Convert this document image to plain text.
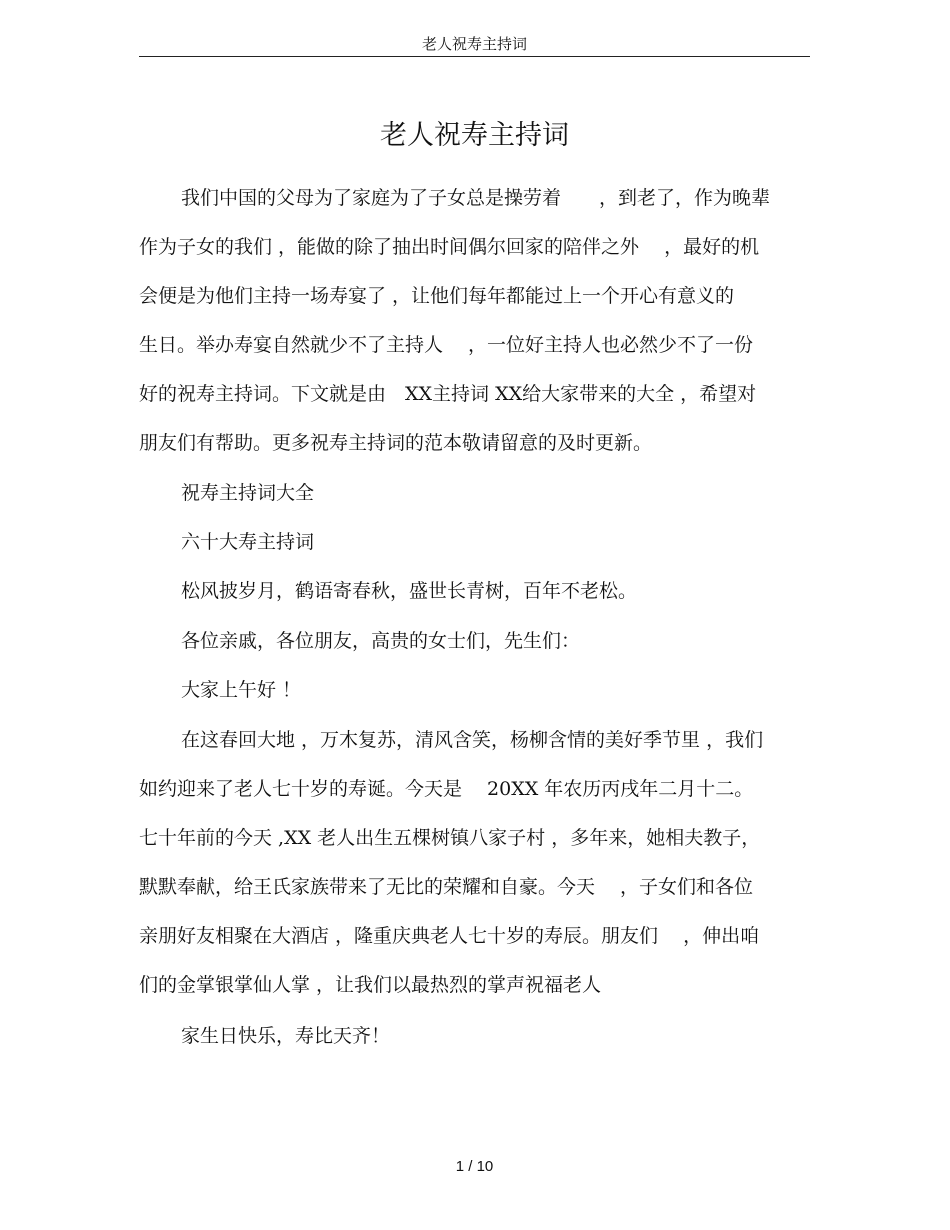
老人祝寿主持词
老人祝寿主持词

我们中国的父母为了家庭为了子女总是操劳着　　，到老了，作为晚辈
作为子女的我们 ，能做的除了抽出时间偶尔回家的陪伴之外　 ，最好的机
会便是为他们主持一场寿宴了 ，让他们每年都能过上一个开心有意义的
生日。举办寿宴自然就少不了主持人　 ，一位好主持人也必然少不了一份
好的祝寿主持词。下文就是由　XX主持词 XX给大家带来的大全 ，希望对
朋友们有帮助。更多祝寿主持词的范本敬请留意的及时更新。

祝寿主持词大全

六十大寿主持词

松风披岁月，鹤语寄春秋，盛世长青树，百年不老松。

各位亲戚，各位朋友，高贵的女士们，先生们：

大家上午好 ！

在这春回大地 ，万木复苏，清风含笑，杨柳含情的美好季节里 ，我们
如约迎来了老人七十岁的寿诞。今天是　 20XX 年农历丙戌年二月十二。
七十年前的今天 ,XX 老人出生五棵树镇八家子村 ，多年来，她相夫教子，
默默奉献，给王氏家族带来了无比的荣耀和自豪。今天　 ，子女们和各位
亲朋好友相聚在大酒店 ，隆重庆典老人七十岁的寿辰。朋友们　 ，伸出咱
们的金掌银掌仙人掌 ，让我们以最热烈的掌声祝福老人

家生日快乐，寿比天齐！

1 / 10
